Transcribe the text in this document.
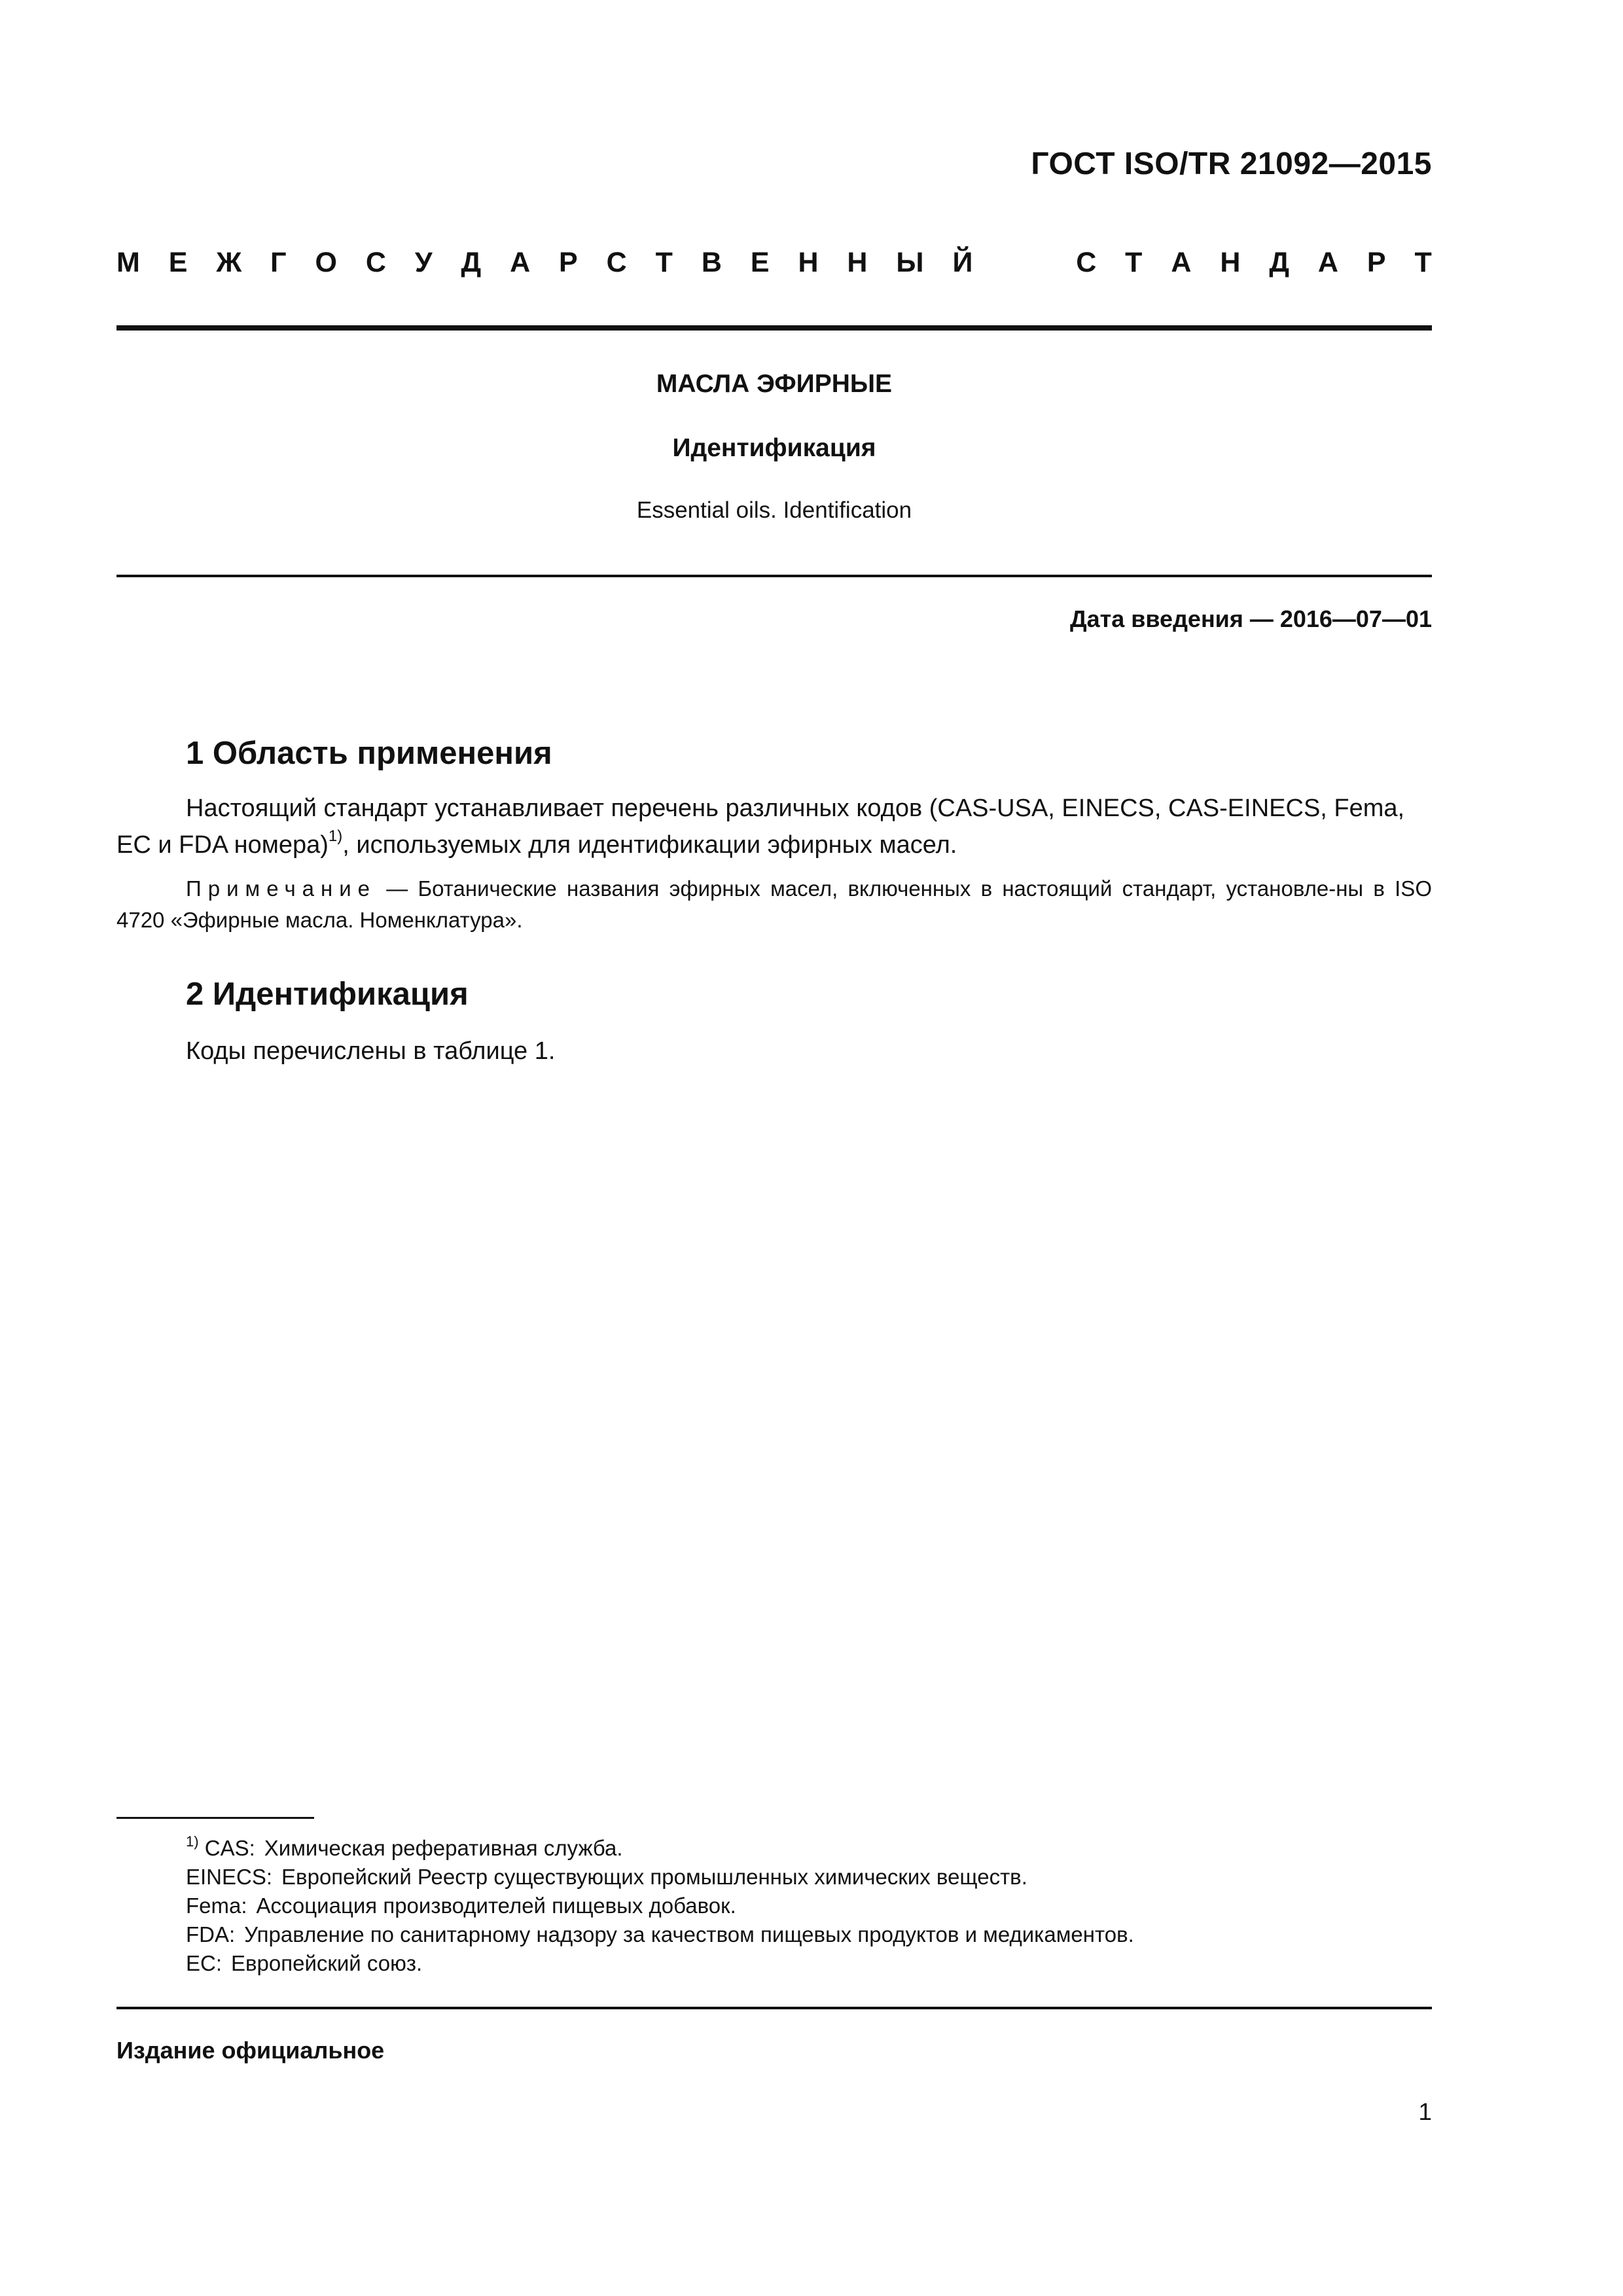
ГОСТ ISO/TR 21092—2015
М Е Ж Г О С У Д А Р С Т В Е Н Н Ы Й	С Т А Н Д А Р Т
МАСЛА ЭФИРНЫЕ
Идентификация
Essential oils. Identification
Дата введения — 2016—07—01
1 Область применения
Настоящий стандарт устанавливает перечень различных кодов (CAS-USA, EINECS, CAS-EINECS, Fema, EC и FDA номера)$^{1)}$, используемых для идентификации эфирных масел.
Примечание — Ботанические названия эфирных масел, включенных в настоящий стандарт, установле-ны в ISO 4720 «Эфирные масла. Номенклатура».
2 Идентификация
Коды перечислены в таблице 1.
$^{1)}$ CAS: Химическая реферативная служба.
EINECS: Европейский Реестр существующих промышленных химических веществ.
Fema: Ассоциация производителей пищевых добавок.
FDA: Управление по санитарному надзору за качеством пищевых продуктов и медикаментов.
EC: Европейский союз.
Издание официальное
1
